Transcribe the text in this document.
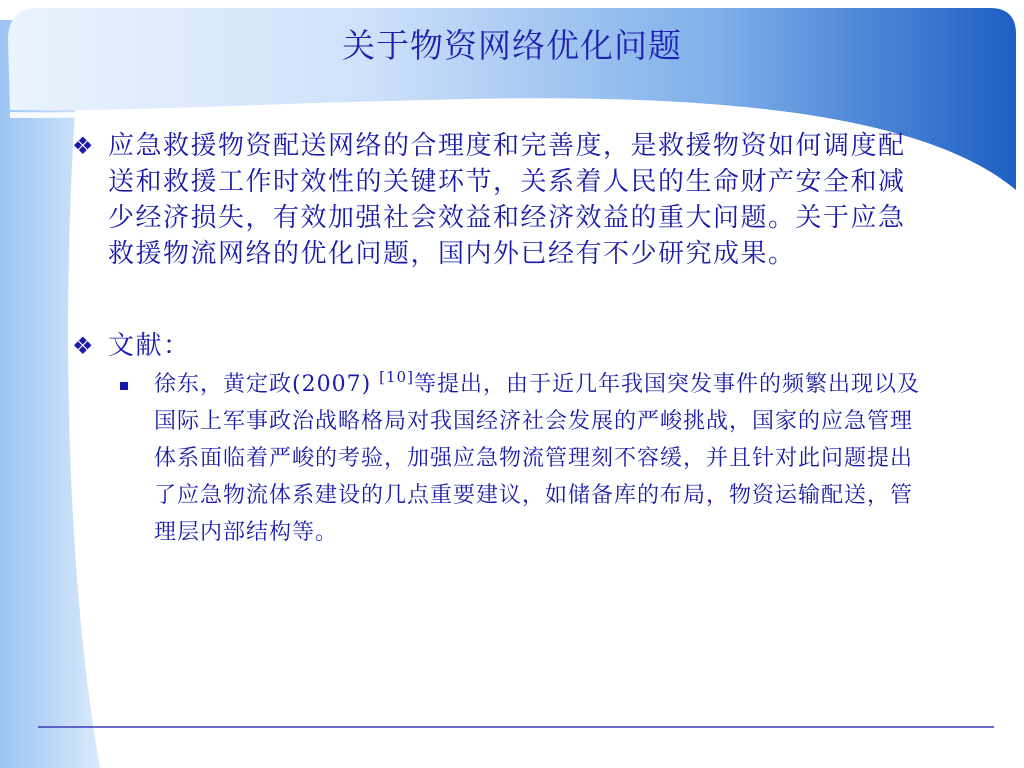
关于物资网络优化问题
❖ 应急救援物资配送网络的合理度和完善度，是救援物资如何调度配送和救援工作时效性的关键环节，关系着人民的生命财产安全和减少经济损失，有效加强社会效益和经济效益的重大问题。关于应急救援物流网络的优化问题，国内外已经有不少研究成果。
❖ 文献：
徐东，黄定政(2007) [10]等提出，由于近几年我国突发事件的频繁出现以及国际上军事政治战略格局对我国经济社会发展的严峻挑战，国家的应急管理体系面临着严峻的考验，加强应急物流管理刻不容缓，并且针对此问题提出了应急物流体系建设的几点重要建议，如储备库的布局，物资运输配送，管理层内部结构等。
